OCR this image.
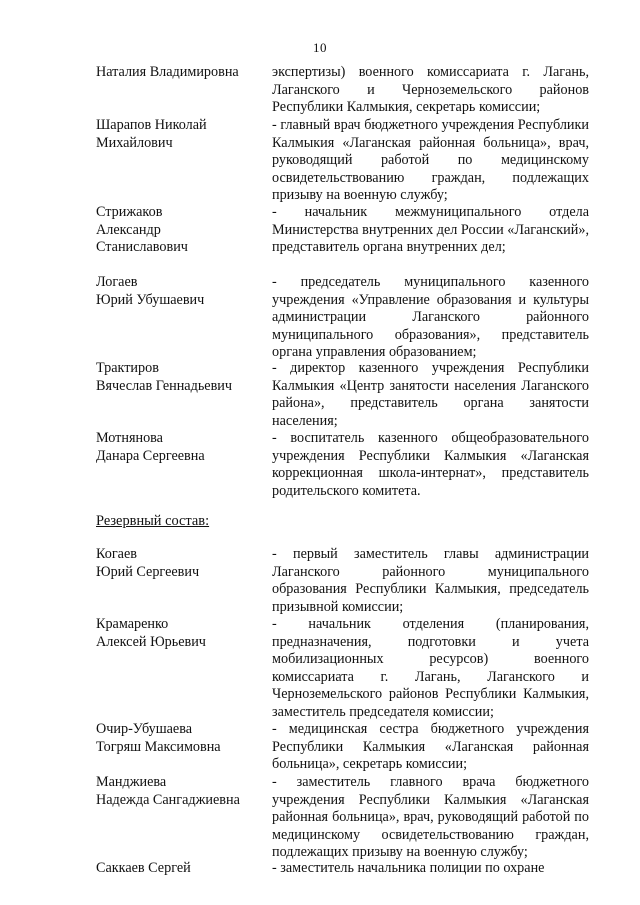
10
Наталия Владимировна	экспертизы) военного комиссариата г. Лагань, Лаганского и Черноземельского районов Республики Калмыкия, секретарь комиссии;
Шарапов Николай
Михайлович
- главный врач бюджетного учреждения Республики Калмыкия «Лаганская районная больница», врач, руководящий работой по медицинскому освидетельствованию граждан, подлежащих призыву на военную службу;
Стрижаков
Александр
Станиславович
- начальник межмуниципального отдела Министерства внутренних дел России «Лаганский», представитель органа внутренних дел;
Логаев
Юрий Убушаевич
- председатель муниципального казенного учреждения «Управление образования и культуры администрации Лаганского районного муниципального образования», представитель органа управления образованием;
Трактиров
Вячеслав Геннадьевич
- директор казенного учреждения Республики Калмыкия «Центр занятости населения Лаганского района», представитель органа занятости населения;
Мотнянова
Данара Сергеевна
- воспитатель казенного общеобразовательного учреждения Республики Калмыкия «Лаганская коррекционная школа-интернат», представитель родительского комитета.
Резервный состав:
Когаев
Юрий Сергеевич
- первый заместитель главы администрации Лаганского районного муниципального образования Республики Калмыкия, председатель призывной комиссии;
Крамаренко
Алексей Юрьевич
- начальник отделения (планирования, предназначения, подготовки и учета мобилизационных ресурсов) военного комиссариата г. Лагань, Лаганского и Черноземельского районов Республики Калмыкия, заместитель председателя комиссии;
Очир-Убушаева
Тогряш Максимовна
- медицинская сестра бюджетного учреждения Республики Калмыкия «Лаганская районная больница», секретарь комиссии;
Манджиева
Надежда Сангаджиевна
- заместитель главного врача бюджетного учреждения Республики Калмыкия «Лаганская районная больница», врач, руководящий работой по медицинскому освидетельствованию граждан, подлежащих призыву на военную службу;
Саккаев Сергей	- заместитель начальника полиции по охране
